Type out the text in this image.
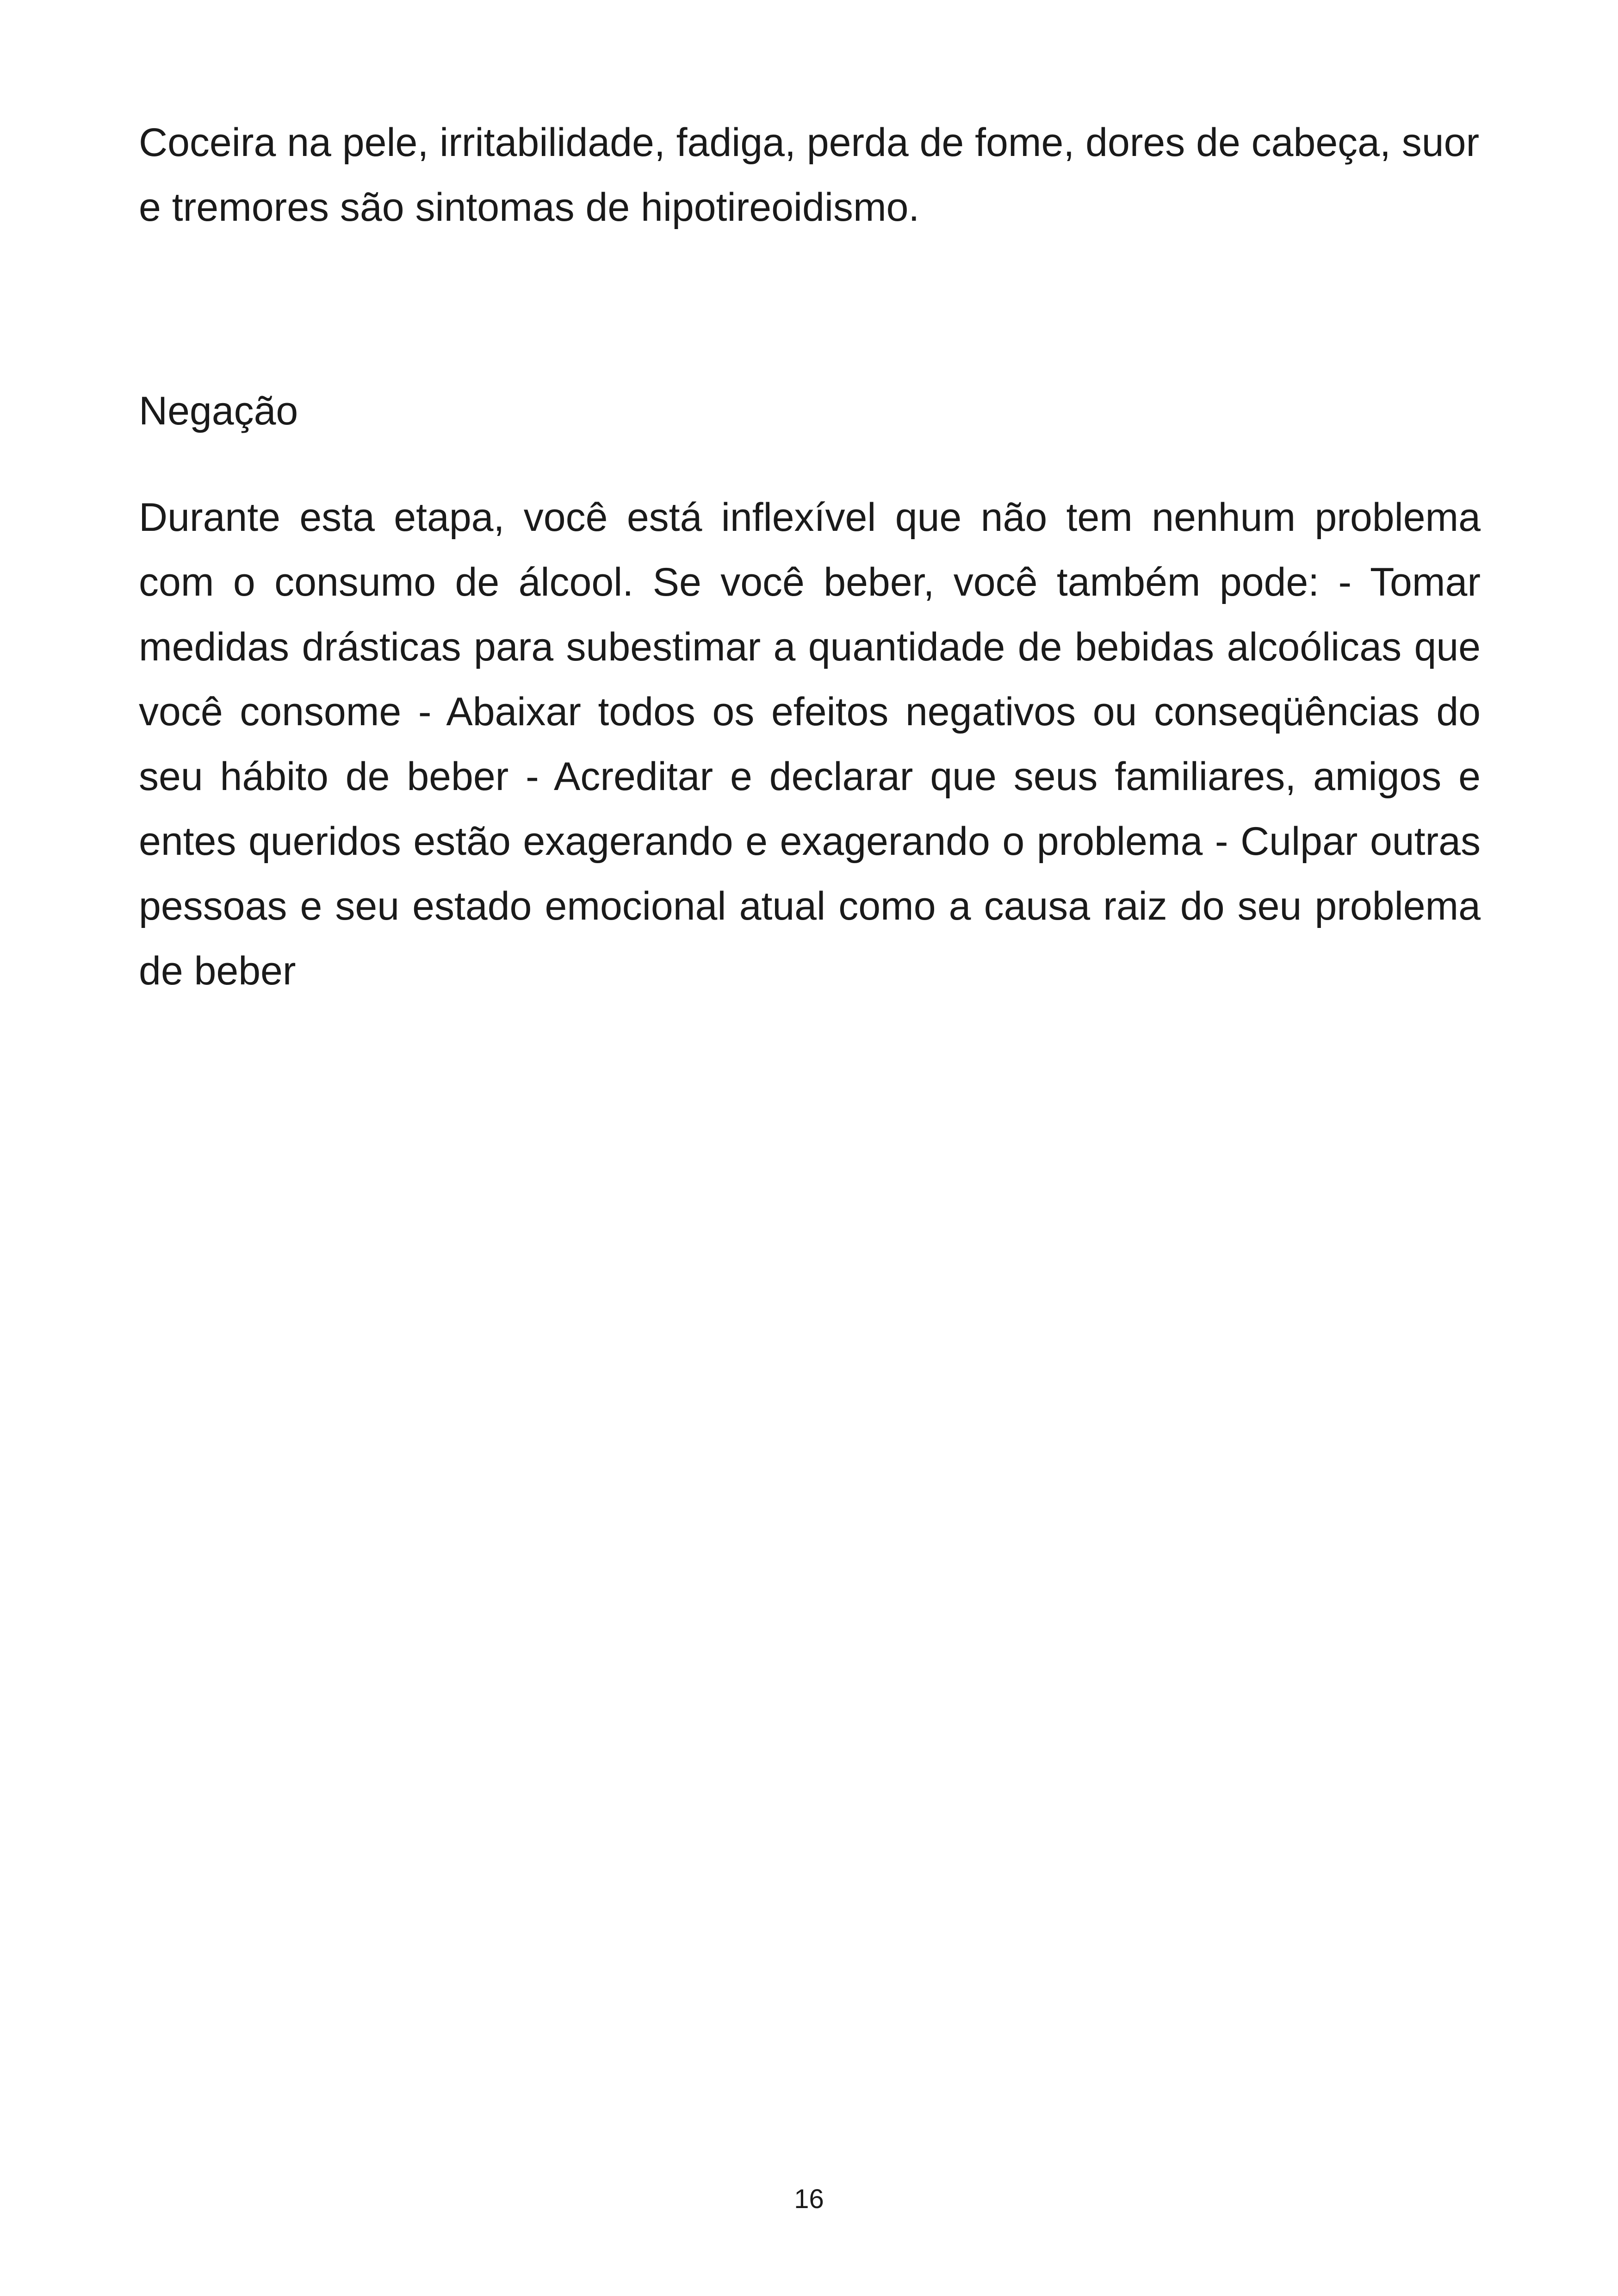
Coceira na pele, irritabilidade, fadiga, perda de fome, dores de cabeça, suor e tremores são sintomas de hipotireoidismo.

Negação

Durante esta etapa, você está inflexível que não tem nenhum problema com o consumo de álcool. Se você beber, você também pode: - Tomar medidas drásticas para subestimar a quantidade de bebidas alcoólicas que você consome - Abaixar todos os efeitos negativos ou conseqüências do seu hábito de beber - Acreditar e declarar que seus familiares, amigos e entes queridos estão exagerando e exagerando o problema - Culpar outras pessoas e seu estado emocional atual como a causa raiz do seu problema de beber

16
